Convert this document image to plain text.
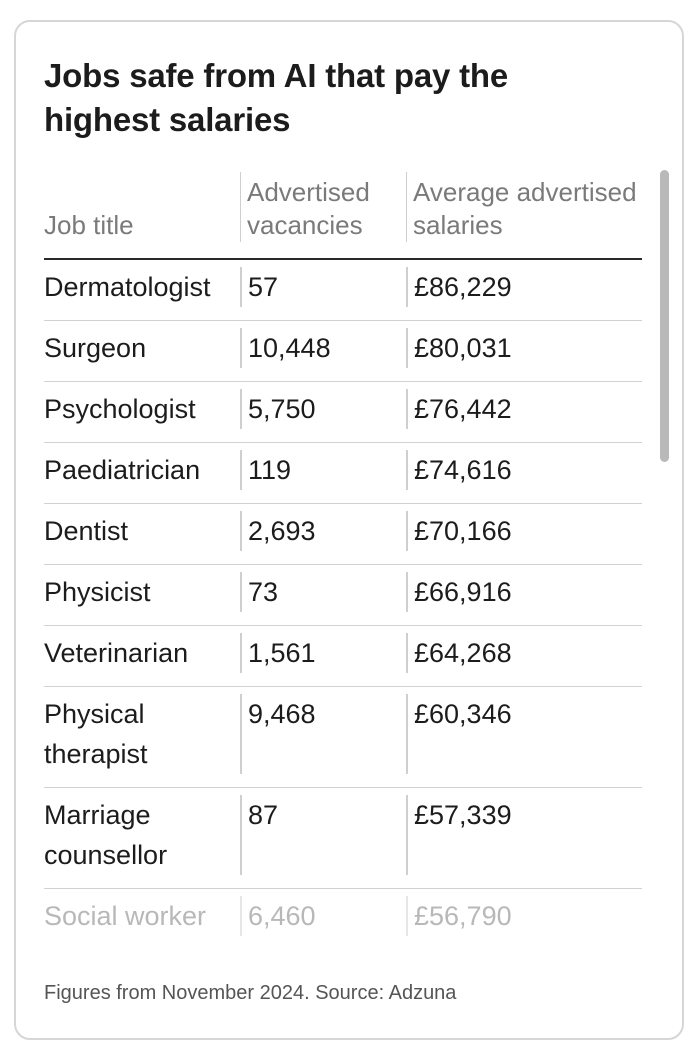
Jobs safe from AI that pay the highest salaries
Job title	Advertised vacancies	Average advertised salaries

Dermatologist	57	£86,229

Surgeon	10,448	£80,031

Psychologist	5,750	£76,442

Paediatrician	119	£74,616

Dentist	2,693	£70,166

Physicist	73	£66,916

Veterinarian	1,561	£64,268

Physical therapist	9,468	£60,346

Marriage counsellor	87	£57,339

Social worker	6,460	£56,790
Figures from November 2024. Source: Adzuna
